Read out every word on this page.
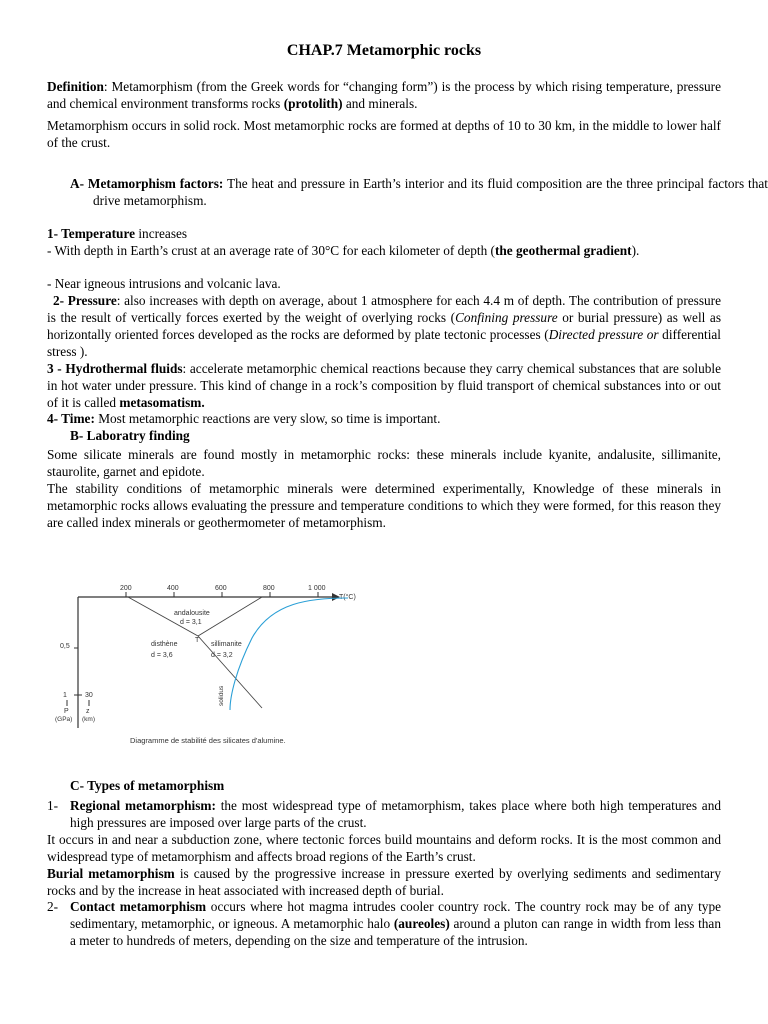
CHAP.7 Metamorphic rocks

Definition: Metamorphism (from the Greek words for “changing form”) is the process by which rising temperature, pressure and chemical environment transforms rocks (protolith) and minerals.

Metamorphism occurs in solid rock. Most metamorphic rocks are formed at depths of 10 to 30 km, in the middle to lower half of the crust.

A- Metamorphism factors: The heat and pressure in Earth’s interior and its fluid composition are the three principal factors that drive metamorphism.

1- Temperature increases

- With depth in Earth’s crust at an average rate of 30°C for each kilometer of depth (the geothermal gradient).

- Near igneous intrusions and volcanic lava.

2- Pressure: also increases with depth on average, about 1 atmosphere for each 4.4 m of depth. The contribution of pressure is the result of vertically forces exerted by the weight of overlying rocks (Confining pressure or burial pressure) as well as horizontally oriented forces developed as the rocks are deformed by plate tectonic processes (Directed pressure or differential stress ).

3 - Hydrothermal fluids: accelerate metamorphic chemical reactions because they carry chemical substances that are soluble in hot water under pressure. This kind of change in a rock’s composition by fluid transport of chemical substances into or out of it is called metasomatism.

4- Time: Most metamorphic reactions are very slow, so time is important.

B- Laboratry finding

Some silicate minerals are found mostly in metamorphic rocks: these minerals include kyanite, andalusite, sillimanite, staurolite, garnet and epidote.

The stability conditions of metamorphic minerals were determined experimentally, Knowledge of these minerals in metamorphic rocks allows evaluating the pressure and temperature conditions to which they were formed, for this reason they are called index minerals or geothermometer of metamorphism.

200	400	600	800	1 000
T(°C)
0,5
1	30
P z
(GPa) (km)
andalousite
d = 3,1
T
disthène
d = 3,6
sillimanite
d = 3,2
solidus
Diagramme de stabilité des silicates d'alumine.

C- Types of metamorphism

1- Regional metamorphism: the most widespread type of metamorphism, takes place where both high temperatures and high pressures are imposed over large parts of the crust.

It occurs in and near a subduction zone, where tectonic forces build mountains and deform rocks. It is the most common and widespread type of metamorphism and affects broad regions of the Earth’s crust.

Burial metamorphism is caused by the progressive increase in pressure exerted by overlying sediments and sedimentary rocks and by the increase in heat associated with increased depth of burial.

2- Contact metamorphism occurs where hot magma intrudes cooler country rock. The country rock may be of any type sedimentary, metamorphic, or igneous. A metamorphic halo (aureoles) around a pluton can range in width from less than a meter to hundreds of meters, depending on the size and temperature of the intrusion.
